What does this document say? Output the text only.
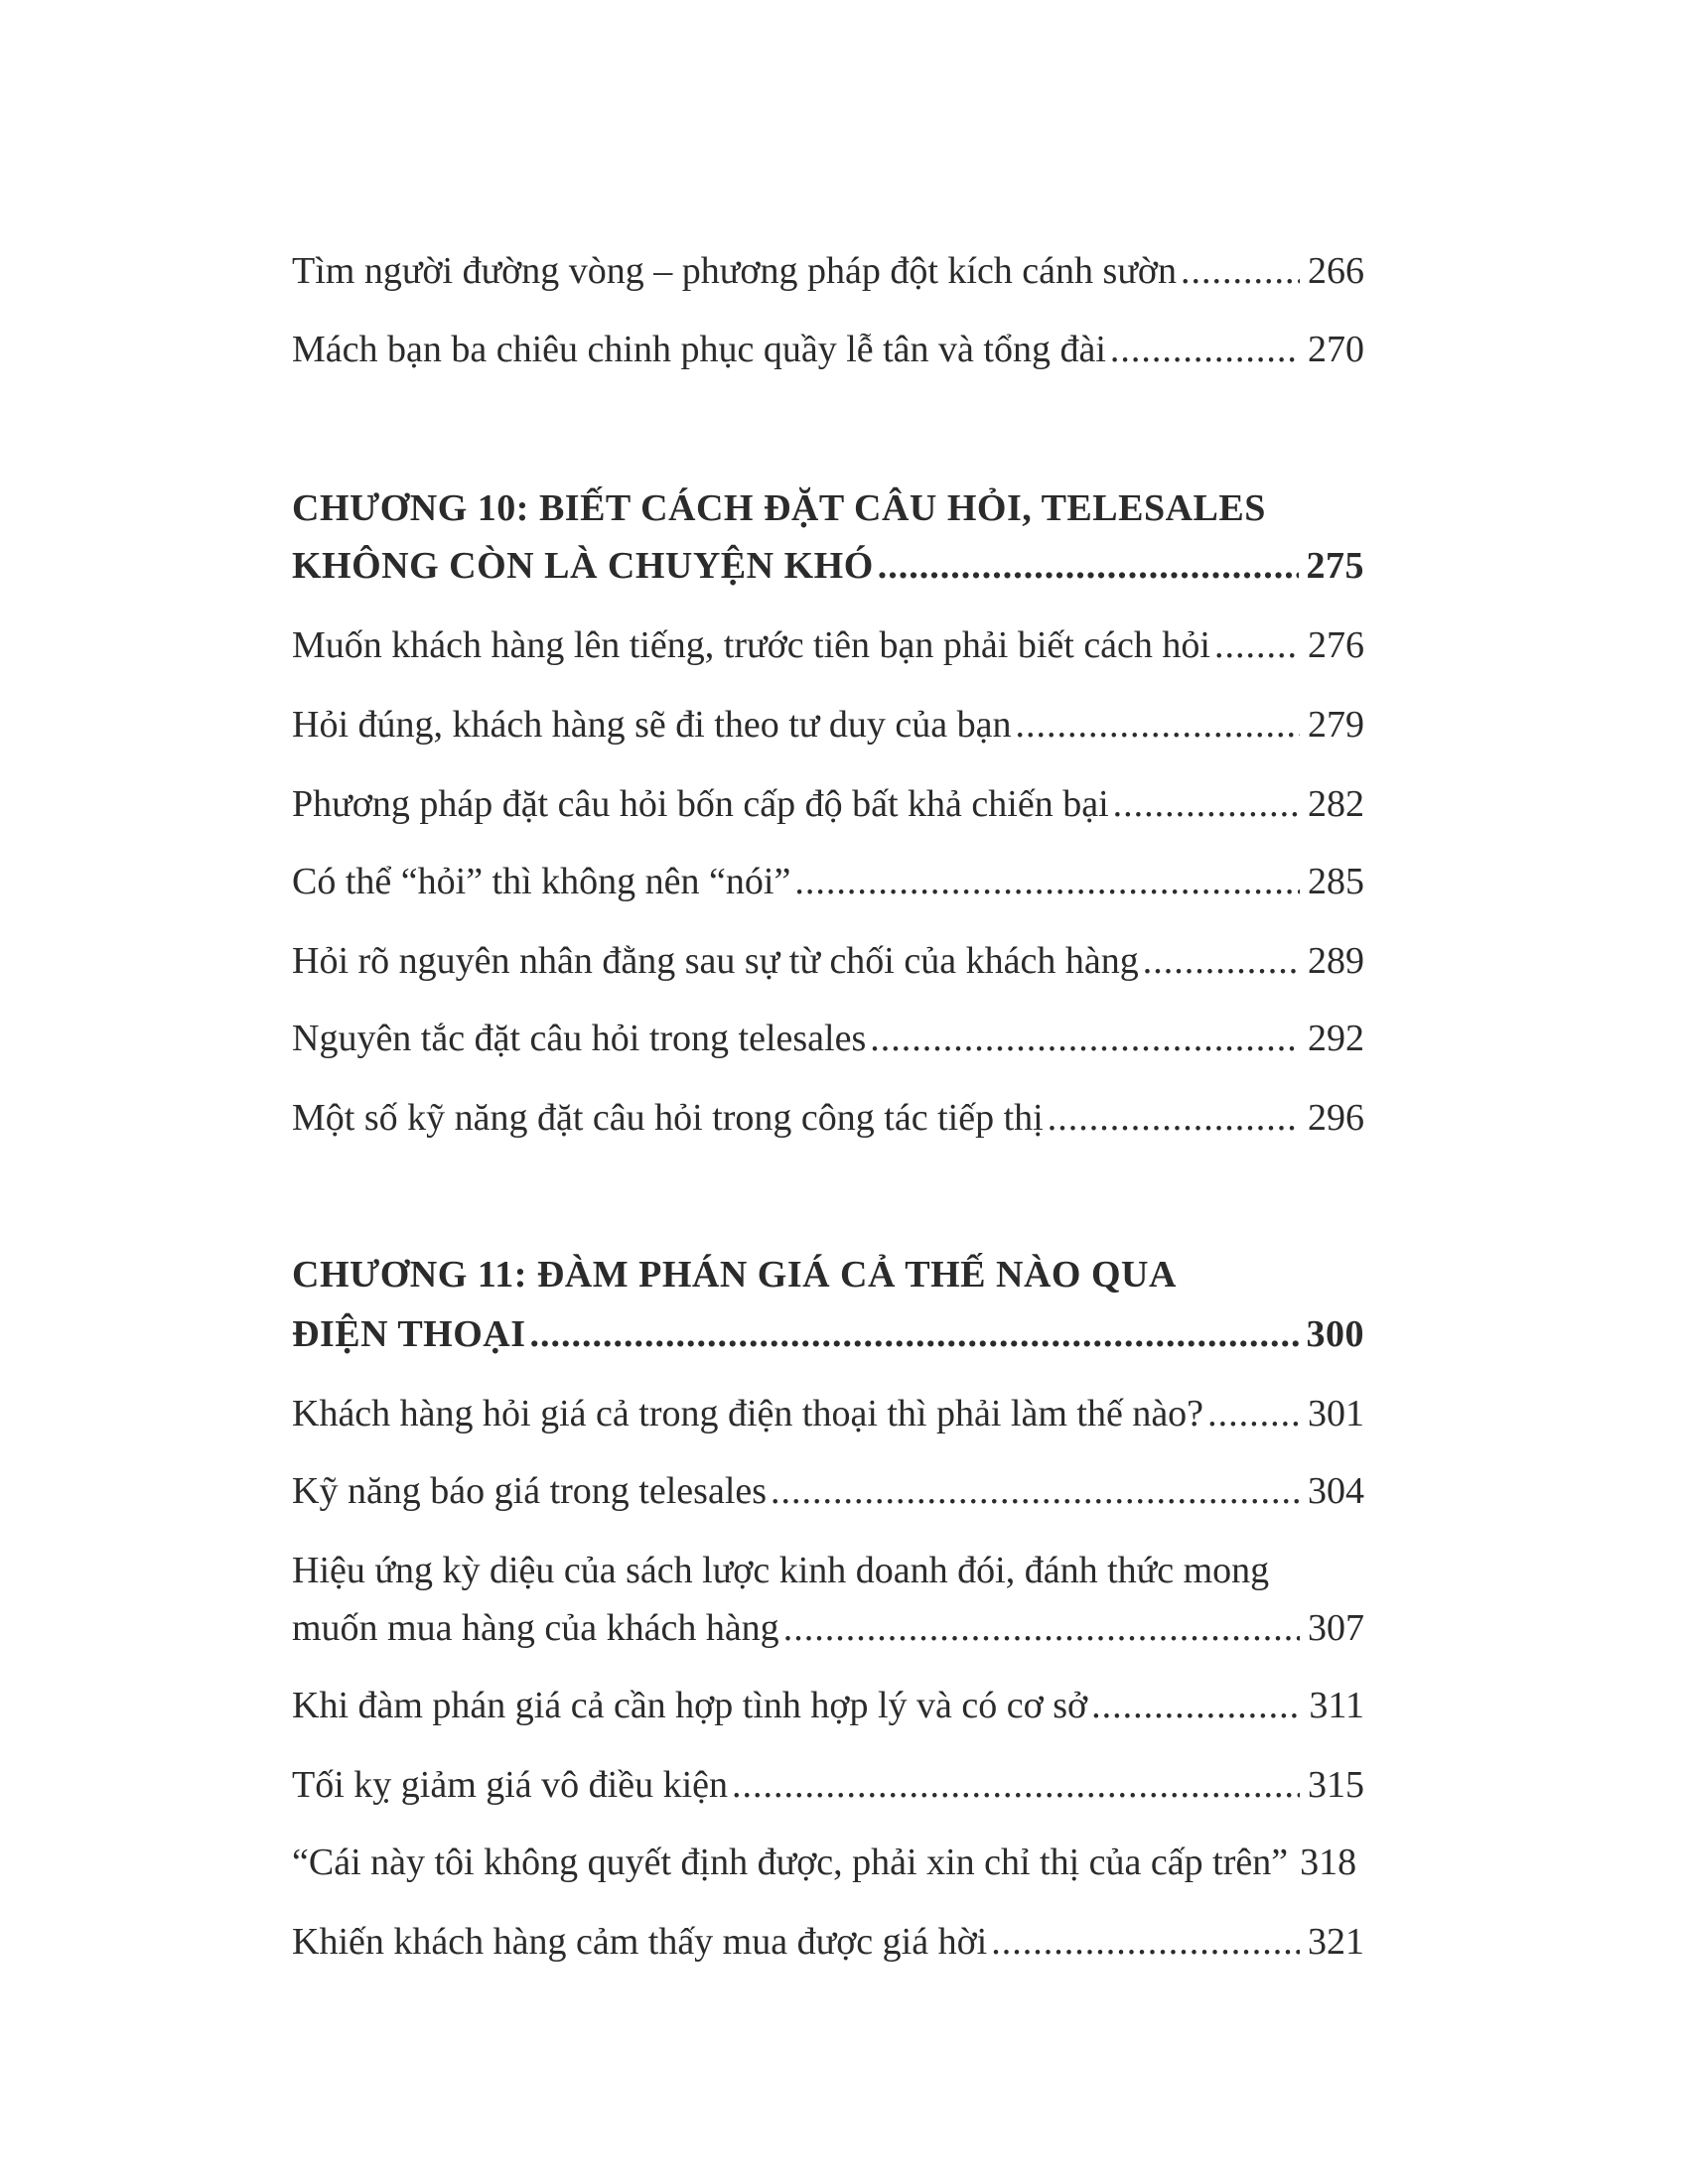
Tìm người đường vòng – phương pháp đột kích cánh sườn .....	266
Mách bạn ba chiêu chinh phục quầy lễ tân và tổng đài .....	270
CHƯƠNG 10: BIẾT CÁCH ĐẶT CÂU HỎI, TELESALES
KHÔNG CÒN LÀ CHUYỆN KHÓ .....	275
Muốn khách hàng lên tiếng, trước tiên bạn phải biết cách hỏi .....	276
Hỏi đúng, khách hàng sẽ đi theo tư duy của bạn .....	279
Phương pháp đặt câu hỏi bốn cấp độ bất khả chiến bại .....	282
Có thể “hỏi” thì không nên “nói” .....	285
Hỏi rõ nguyên nhân đằng sau sự từ chối của khách hàng .....	289
Nguyên tắc đặt câu hỏi trong telesales .....	292
Một số kỹ năng đặt câu hỏi trong công tác tiếp thị .....	296
CHƯƠNG 11: ĐÀM PHÁN GIÁ CẢ THẾ NÀO QUA
ĐIỆN THOẠI .....	300
Khách hàng hỏi giá cả trong điện thoại thì phải làm thế nào? .....	301
Kỹ năng báo giá trong telesales .....	304
Hiệu ứng kỳ diệu của sách lược kinh doanh đói, đánh thức mong
muốn mua hàng của khách hàng .....	307
Khi đàm phán giá cả cần hợp tình hợp lý và có cơ sở .....	311
Tối kỵ giảm giá vô điều kiện .....	315
“Cái này tôi không quyết định được, phải xin chỉ thị của cấp trên” 318
Khiến khách hàng cảm thấy mua được giá hời .....	321
